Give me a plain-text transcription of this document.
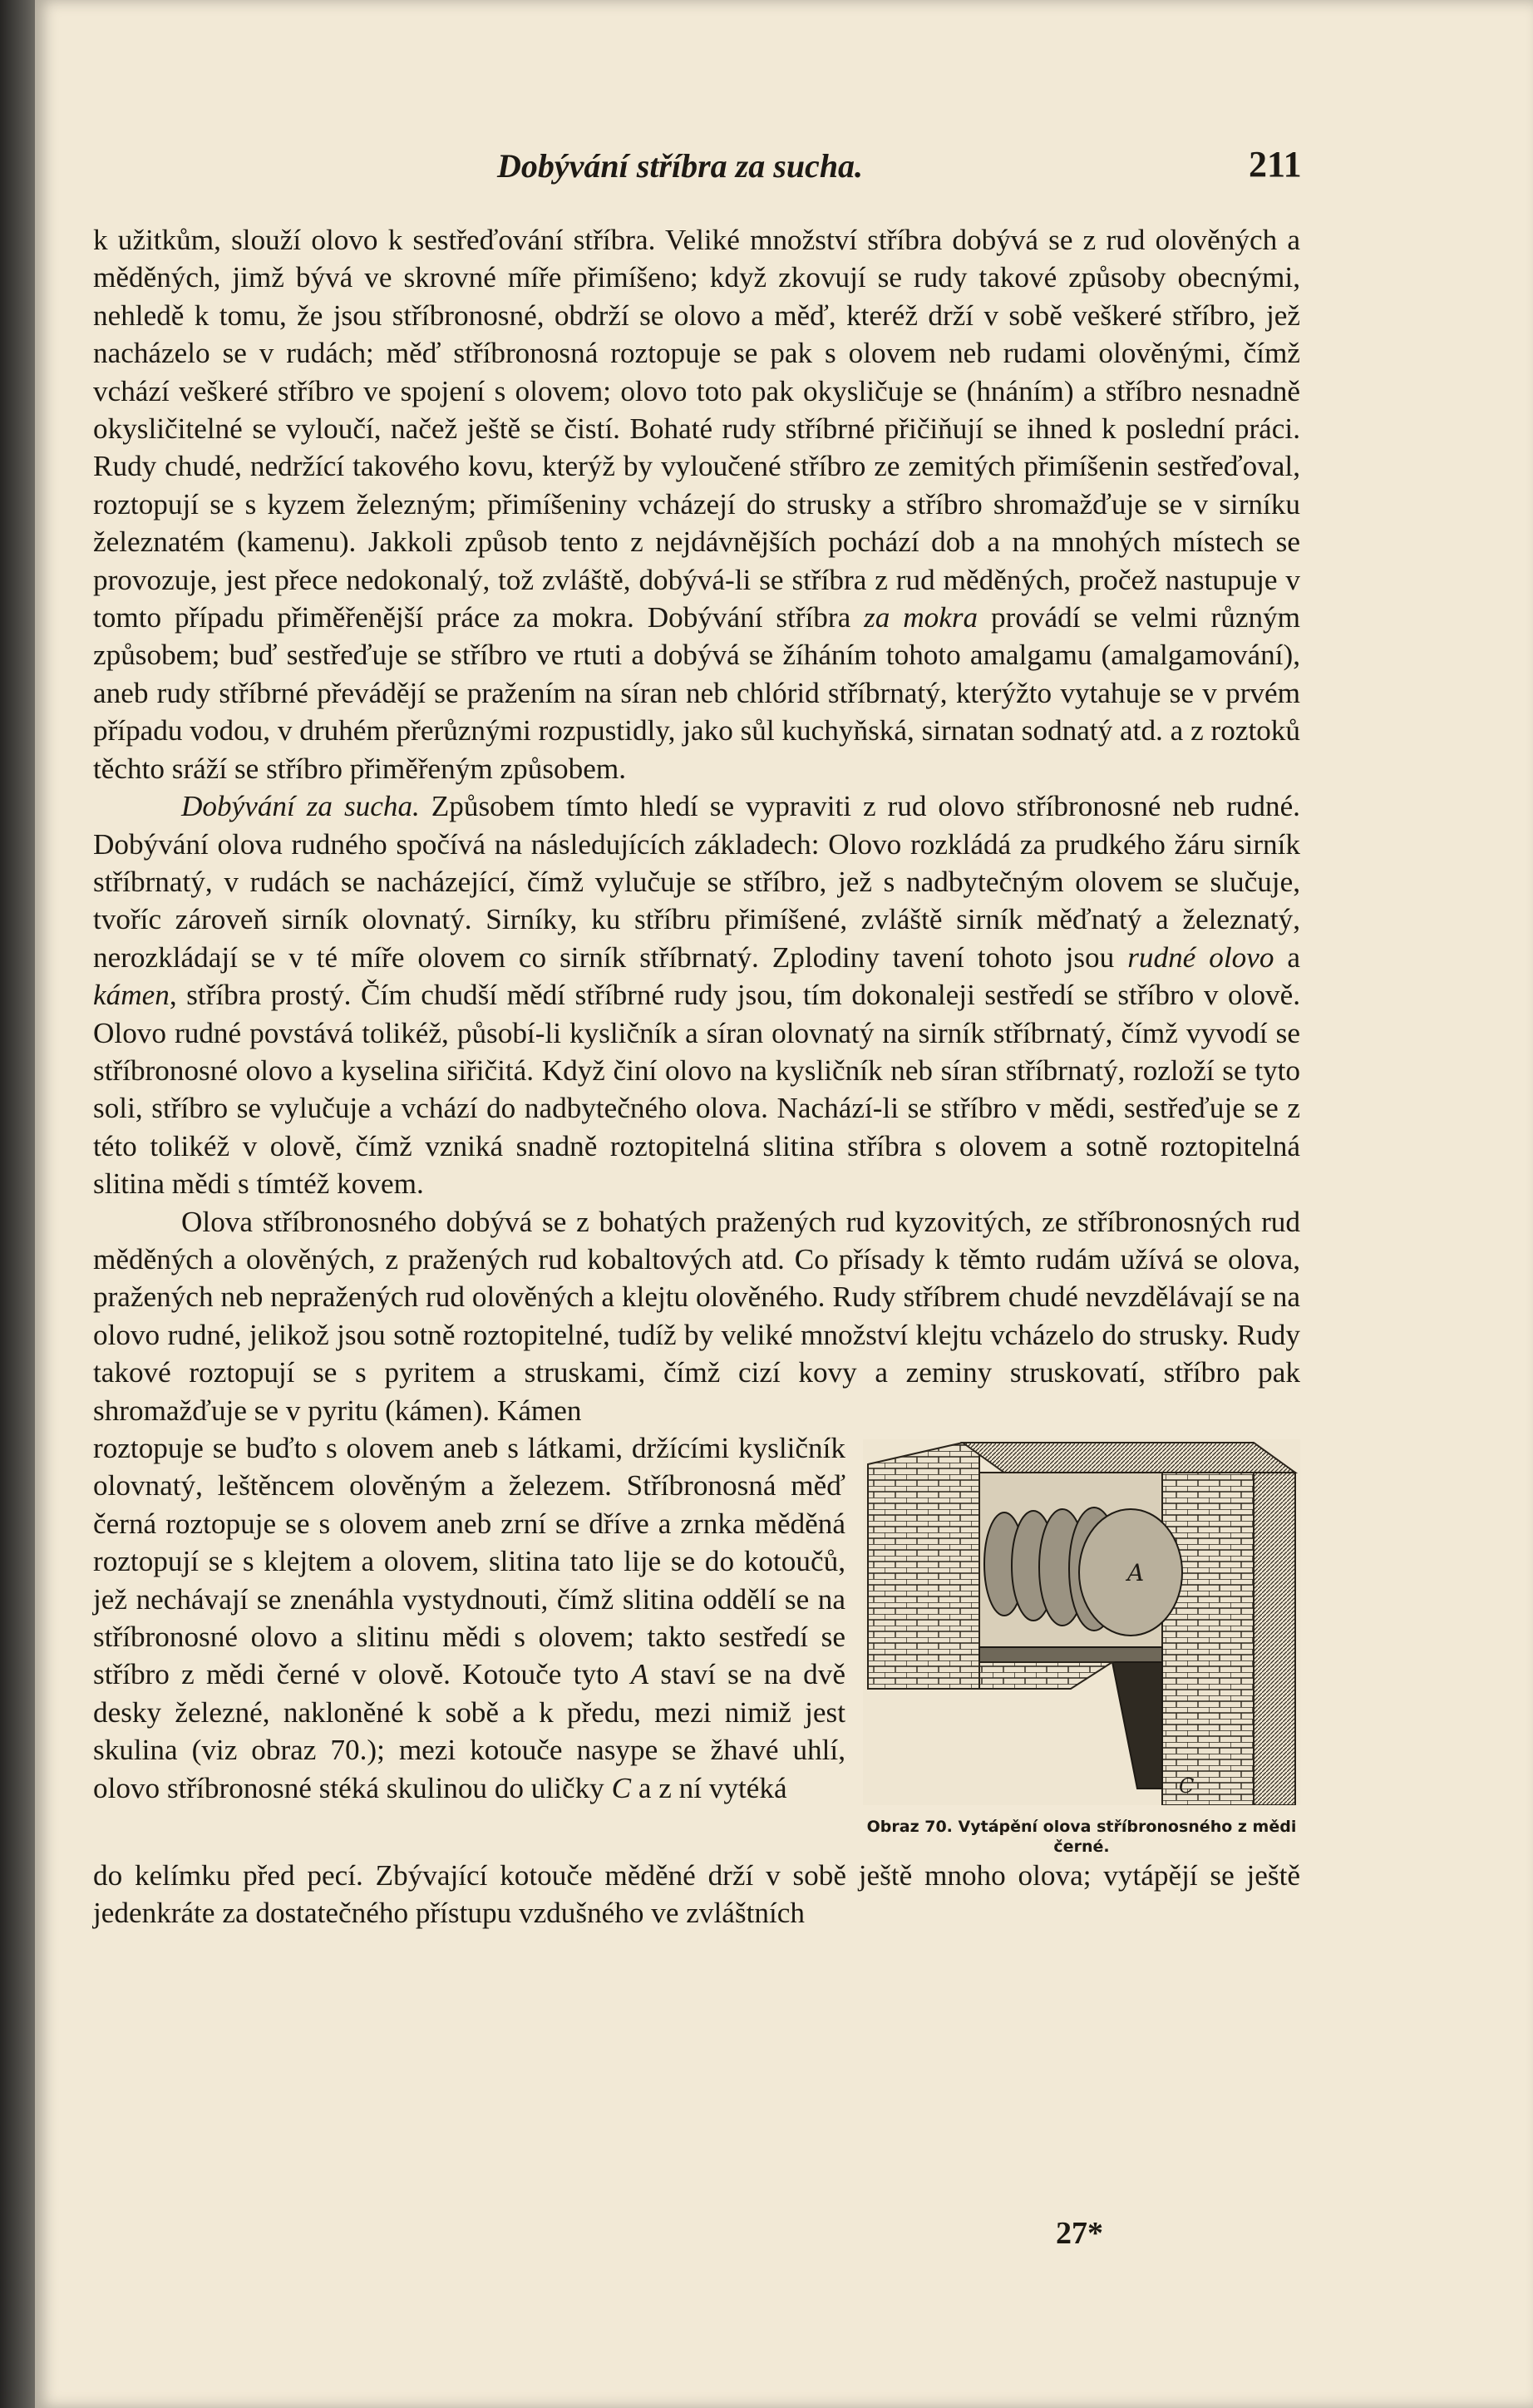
Dobývání stříbra za sucha.	211

k užitkům, slouží olovo k sestřeďování stříbra. Veliké množství stříbra dobývá se z rud olověných a měděných, jimž bývá ve skrovné míře přimíšeno; když zkovují se rudy takové způsoby obecnými, nehledě k tomu, že jsou stříbronosné, obdrží se olovo a měď, kteréž drží v sobě veškeré stříbro, jež nacházelo se v rudách; měď stříbronosná roztopuje se pak s olovem neb rudami olověnými, čímž vchází veškeré stříbro ve spojení s olovem; olovo toto pak okysličuje se (hnáním) a stříbro nesnadně okysličitelné se vyloučí, načež ještě se čistí. Bohaté rudy stříbrné přičiňují se ihned k poslední práci. Rudy chudé, nedržící takového kovu, kterýž by vyloučené stříbro ze zemitých přimíšenin sestřeďoval, roztopují se s kyzem železným; přimíšeniny vcházejí do strusky a stříbro shromažďuje se v sirníku železnatém (kamenu). Jakkoli způsob tento z nejdávnějších pochází dob a na mnohých místech se provozuje, jest přece nedokonalý, tož zvláště, dobývá-li se stříbra z rud měděných, pročež nastupuje v tomto případu přiměřenější práce za mokra. Dobývání stříbra za mokra provádí se velmi různým způsobem; buď sestřeďuje se stříbro ve rtuti a dobývá se žíháním tohoto amalgamu (amalgamování), aneb rudy stříbrné převádějí se pražením na síran neb chlórid stříbrnatý, kterýžto vytahuje se v prvém případu vodou, v druhém přerůznými rozpustidly, jako sůl kuchyňská, sirnatan sodnatý atd. a z roztoků těchto sráží se stříbro přiměřeným způsobem.

Dobývání za sucha. Způsobem tímto hledí se vypraviti z rud olovo stříbronosné neb rudné. Dobývání olova rudného spočívá na následujících základech: Olovo rozkládá za prudkého žáru sirník stříbrnatý, v rudách se nacházející, čímž vylučuje se stříbro, jež s nadbytečným olovem se slučuje, tvoříc zároveň sirník olovnatý. Sirníky, ku stříbru přimíšené, zvláště sirník měďnatý a železnatý, nerozkládají se v té míře olovem co sirník stříbrnatý. Zplodiny tavení tohoto jsou rudné olovo a kámen, stříbra prostý. Čím chudší mědí stříbrné rudy jsou, tím dokonaleji sestředí se stříbro v olově. Olovo rudné povstává tolikéž, působí-li kysličník a síran olovnatý na sirník stříbrnatý, čímž vyvodí se stříbronosné olovo a kyselina siřičitá. Když činí olovo na kysličník neb síran stříbrnatý, rozloží se tyto soli, stříbro se vylučuje a vchází do nadbytečného olova. Nachází-li se stříbro v mědi, sestřeďuje se z této tolikéž v olově, čímž vzniká snadně roztopitelná slitina stříbra s olovem a sotně roztopitelná slitina mědi s tímtéž kovem.

Olova stříbronosného dobývá se z bohatých pražených rud kyzovitých, ze stříbronosných rud měděných a olověných, z pražených rud kobaltových atd. Co přísady k těmto rudám užívá se olova, pražených neb nepražených rud olověných a klejtu olověného. Rudy stříbrem chudé nevzdělávají se na olovo rudné, jelikož jsou sotně roztopitelné, tudíž by veliké množství klejtu vcházelo do strusky. Rudy takové roztopují se s pyritem a struskami, čímž cizí kovy a zeminy struskovatí, stříbro pak shromažďuje se v pyritu (kámen). Kámen

roztopuje se buďto s olovem aneb s látkami, držícími kysličník olovnatý, leštěncem olověným a železem. Stříbronosná měď černá roztopuje se s olovem aneb zrní se dříve a zrnka měděná roztopují se s klejtem a olovem, slitina tato lije se do kotoučů, jež nechávají se znenáhla vystydnouti, čímž slitina oddělí se na stříbronosné olovo a slitinu mědi s olovem; takto sestředí se stříbro z mědi černé v olově. Kotouče tyto A staví se na dvě desky železné, nakloněné k sobě a k předu, mezi nimiž jest skulina (viz obraz 70.); mezi kotouče nasype se žhavé uhlí, olovo stříbronosné stéká skulinou do uličky C a z ní vytéká
A
C
Obraz 70. Vytápění olova stříbronosného z mědi černé.

do kelímku před pecí. Zbývající kotouče měděné drží v sobě ještě mnoho olova; vytápějí se ještě jedenkráte za dostatečného přístupu vzdušného ve zvláštních

27*
